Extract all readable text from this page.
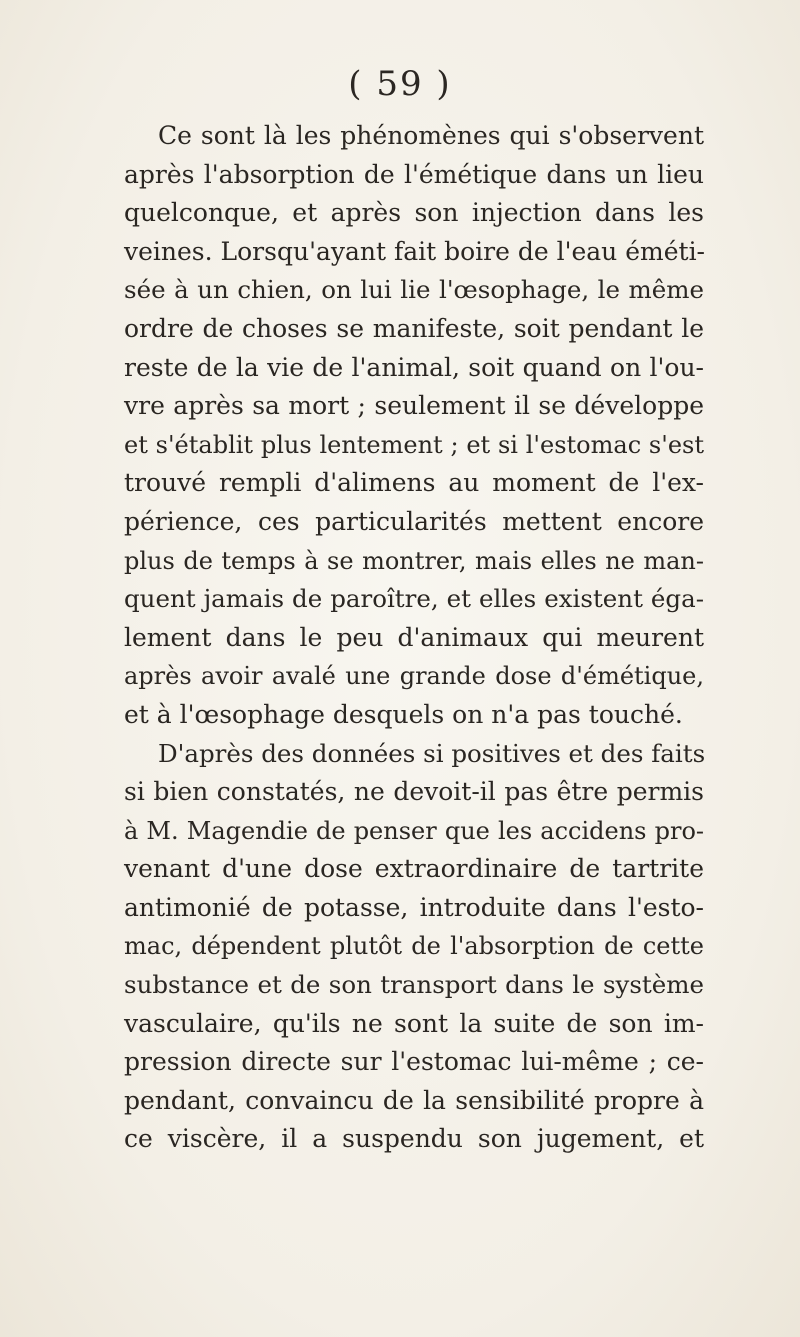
( 59 )
Ce sont là les phénomènes qui s'observent
après l'absorption de l'émétique dans un lieu
quelconque, et après son injection dans les
veines. Lorsqu'ayant fait boire de l'eau éméti-
sée à un chien, on lui lie l'œsophage, le même
ordre de choses se manifeste, soit pendant le
reste de la vie de l'animal, soit quand on l'ou-
vre après sa mort ; seulement il se développe
et s'établit plus lentement ; et si l'estomac s'est
trouvé rempli d'alimens au moment de l'ex-
périence, ces particularités mettent encore
plus de temps à se montrer, mais elles ne man-
quent jamais de paroître, et elles existent éga-
lement dans le peu d'animaux qui meurent
après avoir avalé une grande dose d'émétique,
et à l'œsophage desquels on n'a pas touché.
D'après des données si positives et des faits
si bien constatés, ne devoit-il pas être permis
à M. Magendie de penser que les accidens pro-
venant d'une dose extraordinaire de tartrite
antimonié de potasse, introduite dans l'esto-
mac, dépendent plutôt de l'absorption de cette
substance et de son transport dans le système
vasculaire, qu'ils ne sont la suite de son im-
pression directe sur l'estomac lui-même ; ce-
pendant, convaincu de la sensibilité propre à
ce viscère, il a suspendu son jugement, et
